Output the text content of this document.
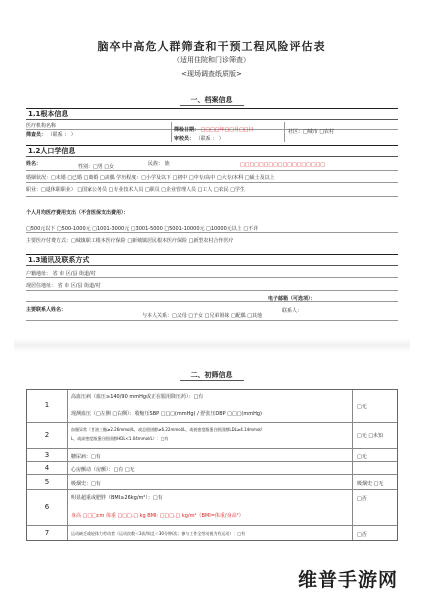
脑卒中高危人群筛查和干预工程风险评估表
（适用住院和门诊筛查）
<现场调查纸质版>
一、档案信息
1.1根本信息
医疗机构名称
筛查员： （联系 ： ）
筛检日期： □□□□年□□月□□日
审校员： （联系 ： ）
社区：□城市 □农村
1.2人口学信息
姓名：	性别：□男 □女	民族： 族	□□□□□□□□□□□□□□□□□□
婚姻状况：□未婚 □已婚 □离婚 □丧偶 学历程度：□小学及以下 □初中 □中专/高中 □大专/本科 □硕士及以上
职业：□退休职职业） □国家公务员 □专业技术人员 □职员 □企业管理人员 □工人 □农民 □学生
个人月均医疗费用支出（不含医保支出费用）：
□500元以下 □500-1000元 □1001-3000元 □3001-5000 □5001-10000元 □10000元以上 □不详
主要医疗付费方式：□城镇职工根本医疗保险 □新城镇居民根本医疗保险 □新型农村合作医疗
1.3通讯及联系方式
户籍地址： 省 市 区/县 街道/村
现居住地址： 省 市 区/县 街道/村
电子邮箱（可选项）：
主要联系人姓名：
与本人关系：□父母 □子女 □兄弟姐妹 □配偶 □其他
联系人：
二、初筛信息
1
高血压病（血压≥140/90 mmHg或正在服用降压药）：□有
现测血压（□左侧 □右侧）：收缩压SBP □□□(mmHg) / 舒张压DBP □□□(mmHg)
□无
2
血脂异常（甘油三酯≥2.26mmol/L，或总胆固醇≥6.22mmol/L，或低密度脂蛋白胆固醇LDL≥4.14mmol/
L，或高密度脂蛋白胆固醇HDL<1.04mmol/L）：□有	□无 □未知
3	糖尿病：□有	□无
4	心房颤动（房颤）：□有 □无
5	吸烟史：□有	吸烟史 □无
6
明显超重或肥胖（BMI≥26kg/m²）：□有
身高 □□□cm 体重 □□□.□ kg BMI: □□□.□ kg/m²（BMI=体重/身高²）
□否
7	运动缺乏或轻体力劳动者（运动次数＜3次/周且＜30分钟/次；参与工作全劳动视为有运动）：□有	□否
维普手游网
